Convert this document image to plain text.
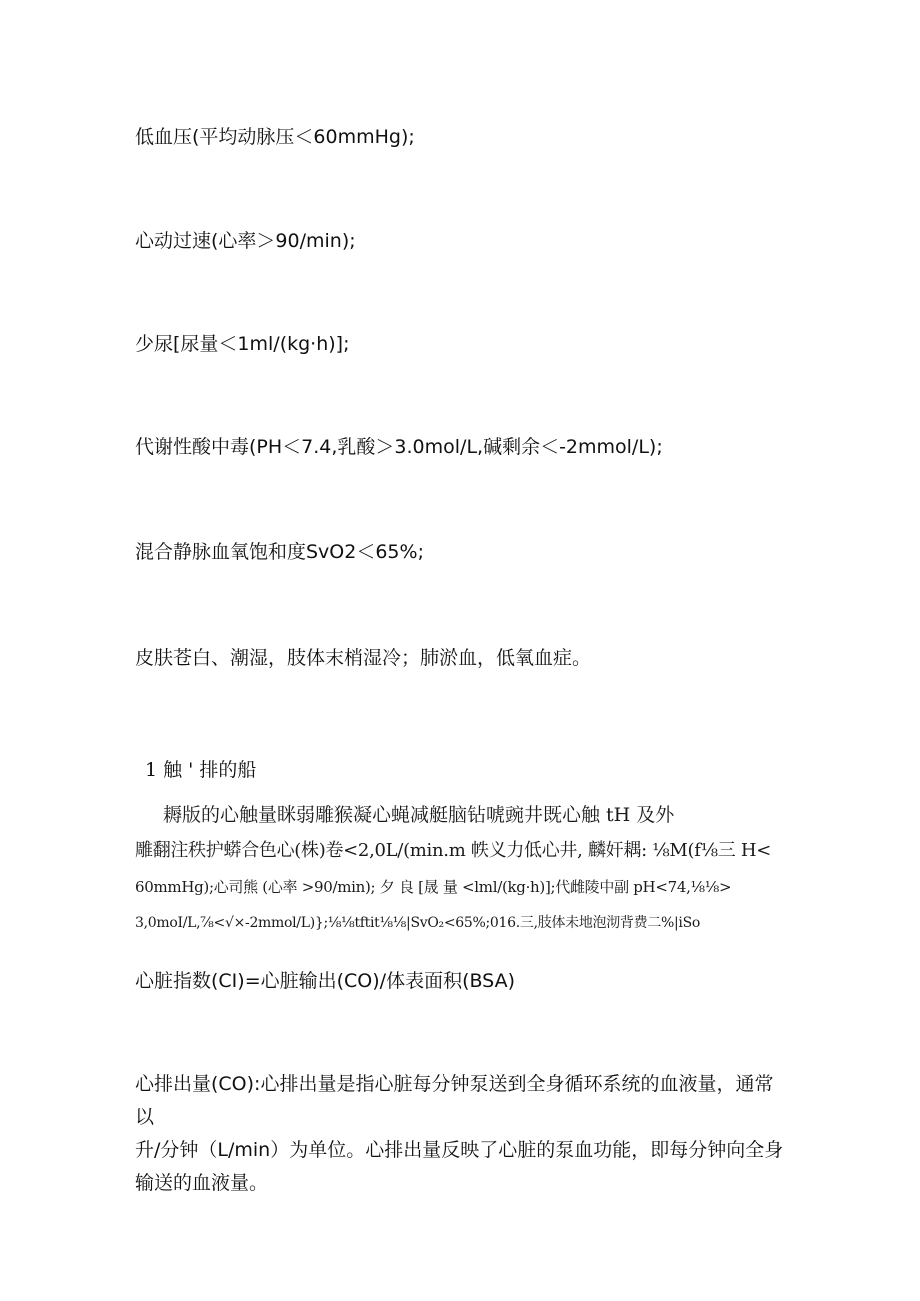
低血压(平均动脉压＜60mmHg);
心动过速(心率＞90/min);
少尿[尿量＜1ml/(kg·h)];
代谢性酸中毒(PH＜7.4,乳酸＞3.0mol/L,碱剩余＜-2mmol/L);
混合静脉血氧饱和度SvO2＜65%;
皮肤苍白、潮湿，肢体末梢湿冷；肺淤血，低氧血症。
1 触 ' 排的船
耨版的心触量眯弱雕猴凝心蝇减艇脑钻唬豌井既心触 tH 及外
雕翻注秩护蟒合色心(株)卷<2,0L/(min.m 帙义力低心井, 麟奸耦: ⅛M(f⅛三 H<
60mmHg);心司熊 (心率 >90/min); 夕 良 [晟 量 <lml/(kg·h)];代雌陵中副 pH<74,⅛⅛>
3,0moI/L,⅞<√×-2mmol/L)};⅛⅛tftit⅛⅛|SvO₂<65%;016.三,肢体未地泡沏背费二%|iSo
心脏指数(CI)=心脏输出(CO)/体表面积(BSA)
心排出量(CO):心排出量是指心脏每分钟泵送到全身循环系统的血液量，通常以
升/分钟（L/min）为单位。心排出量反映了心脏的泵血功能，即每分钟向全身
输送的血液量。
